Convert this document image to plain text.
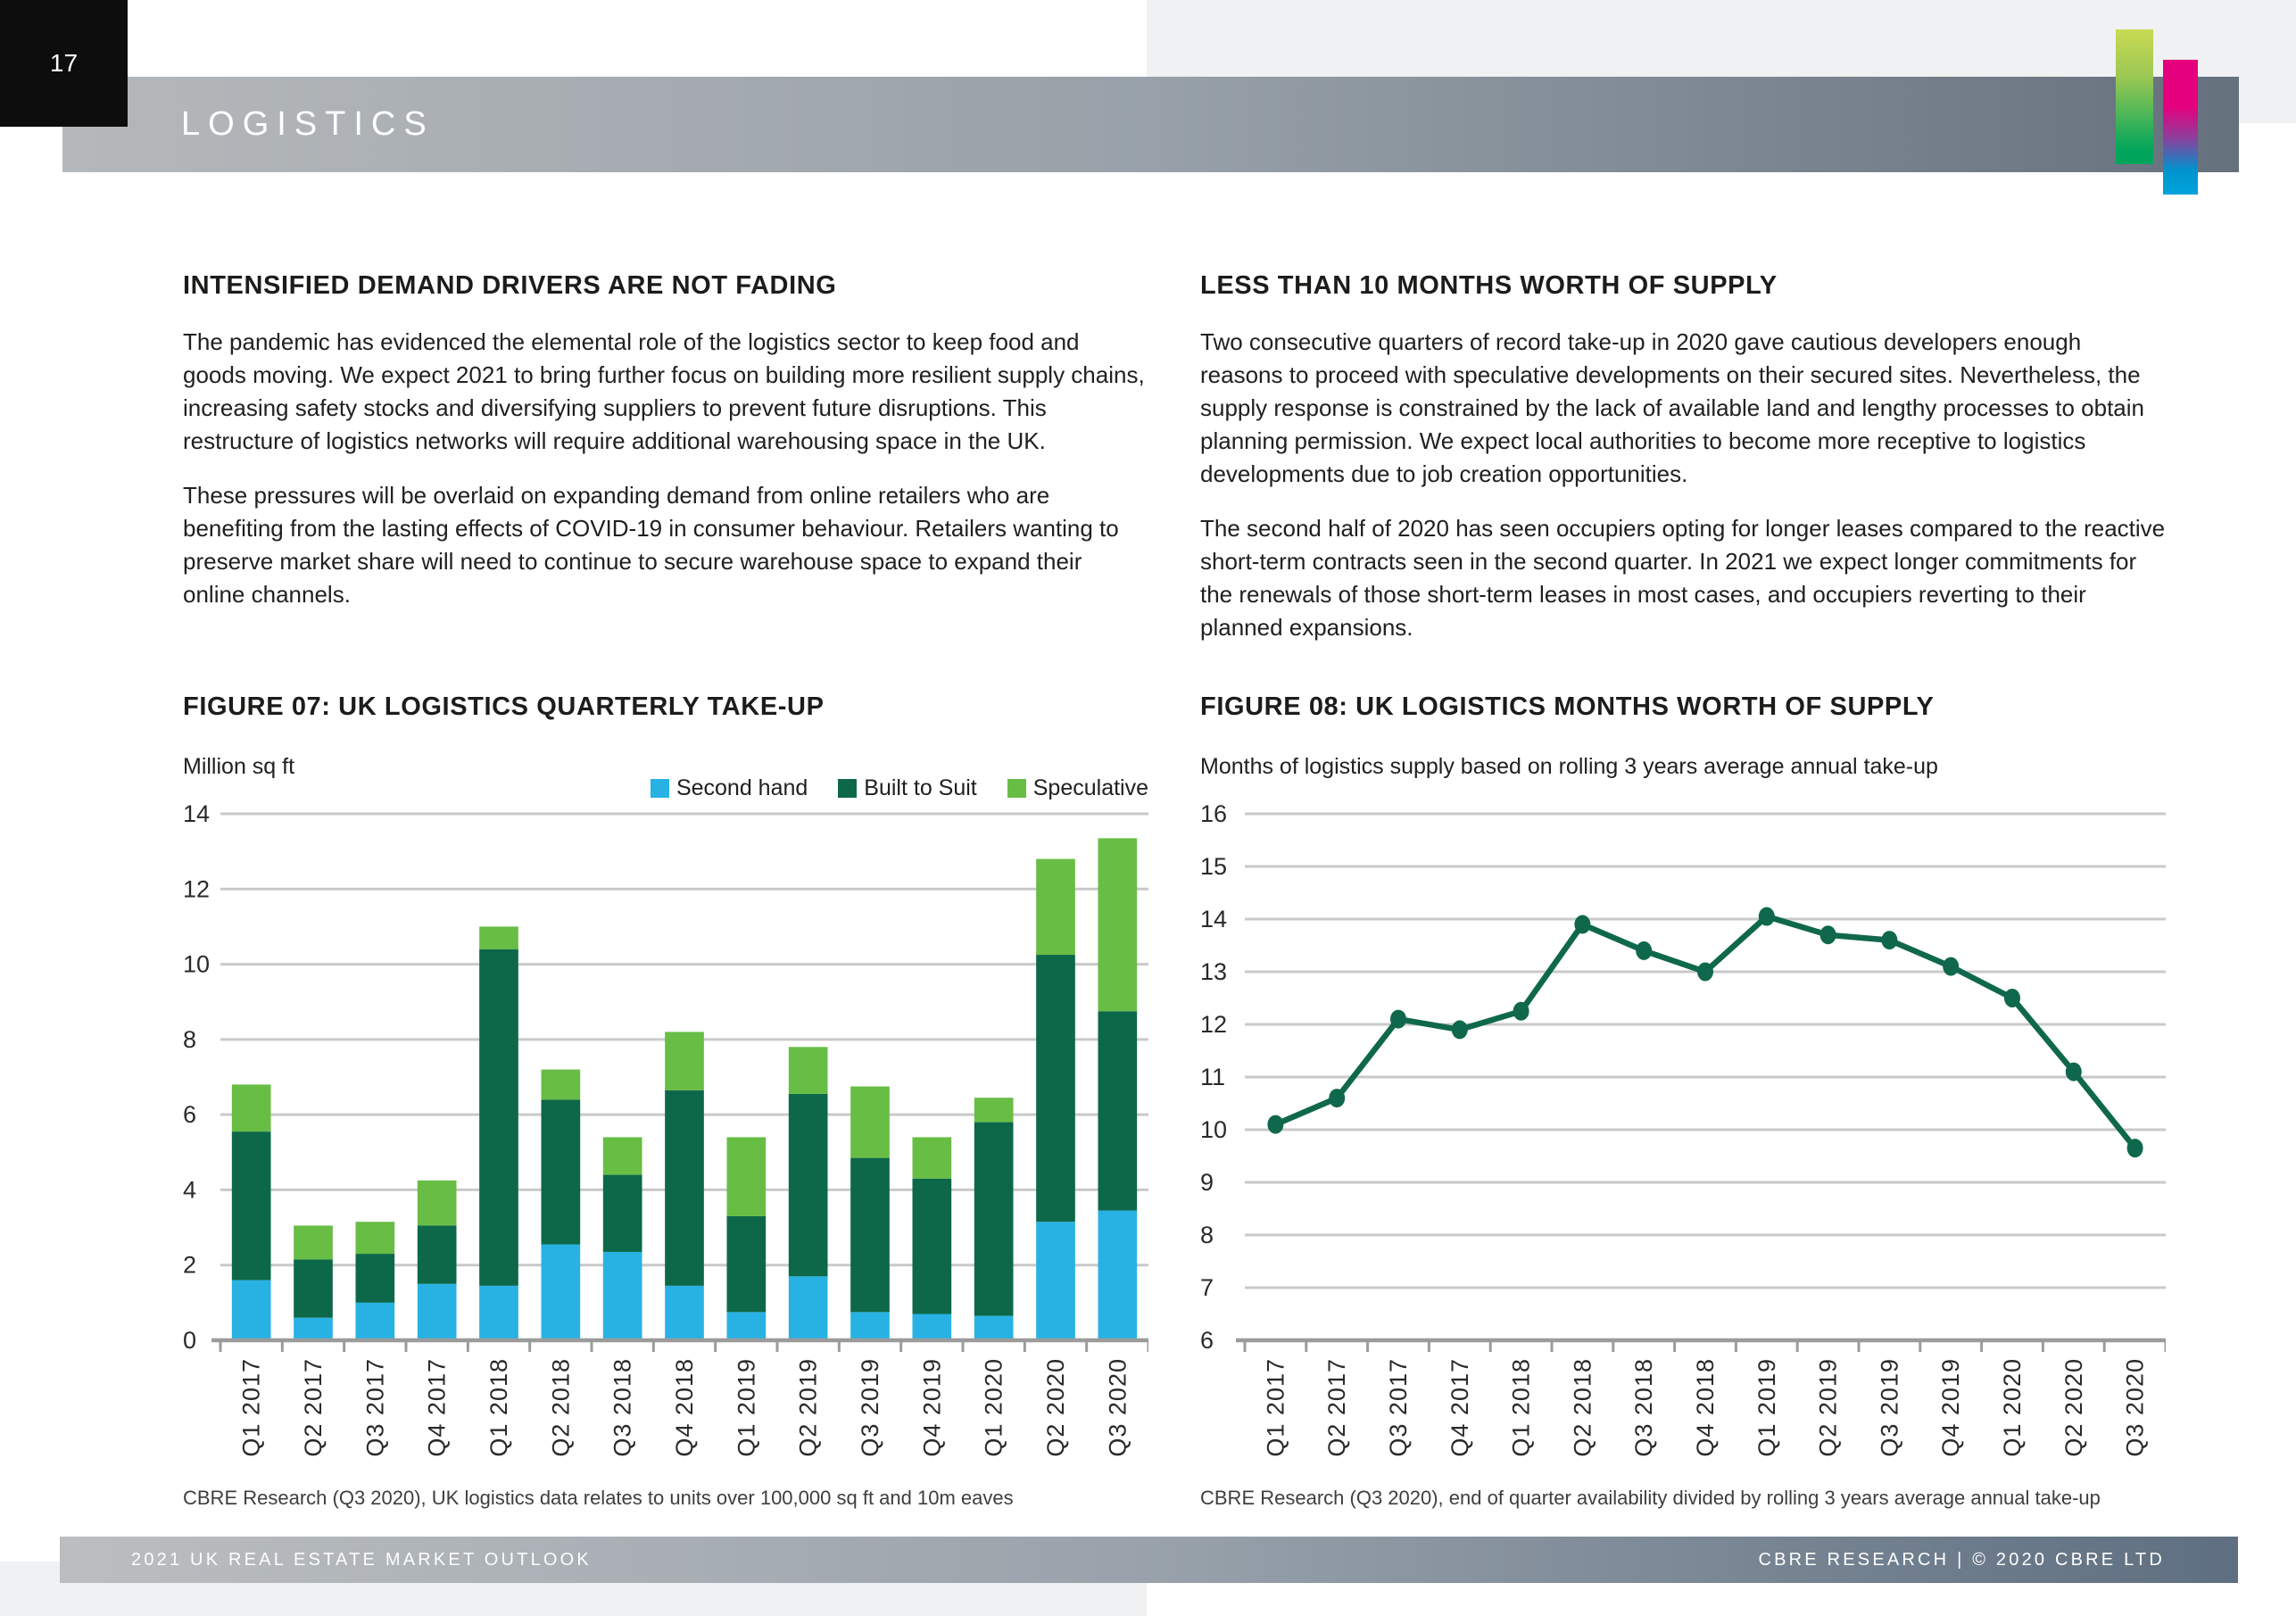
LOGISTICS
17
INTENSIFIED DEMAND DRIVERS ARE NOT FADING

The pandemic has evidenced the elemental role of the logistics sector to keep food and goods moving. We expect 2021 to bring further focus on building more resilient supply chains, increasing safety stocks and diversifying suppliers to prevent future disruptions. This restructure of logistics networks will require additional warehousing space in the UK.

These pressures will be overlaid on expanding demand from online retailers who are benefiting from the lasting effects of COVID-19 in consumer behaviour. Retailers wanting to preserve market share will need to continue to secure warehouse space to expand their online channels.

LESS THAN 10 MONTHS WORTH OF SUPPLY

Two consecutive quarters of record take-up in 2020 gave cautious developers enough reasons to proceed with speculative developments on their secured sites. Nevertheless, the supply response is constrained by the lack of available land and lengthy processes to obtain planning permission. We expect local authorities to become more receptive to logistics developments due to job creation opportunities.

The second half of 2020 has seen occupiers opting for longer leases compared to the reactive short-term contracts seen in the second quarter. In 2021 we expect longer commitments for the renewals of those short-term leases in most cases, and occupiers reverting to their planned expansions.

FIGURE 07: UK LOGISTICS QUARTERLY TAKE-UP
Million sq ft
Second hand	Built to Suit	Speculative
0
2
4
6
8
10
12
14
Q1 2017 Q2 2017 Q3 2017 Q4 2017 Q1 2018 Q2 2018 Q3 2018 Q4 2018 Q1 2019 Q2 2019 Q3 2019 Q4 2019 Q1 2020 Q2 2020 Q3 2020
FIGURE 08: UK LOGISTICS MONTHS WORTH OF SUPPLY
Months of logistics supply based on rolling 3 years average annual take-up
6
7
8
9
10
11
12
13
14
15
16
Q1 2017 Q2 2017 Q3 2017 Q4 2017 Q1 2018 Q2 2018 Q3 2018 Q4 2018 Q1 2019 Q2 2019 Q3 2019 Q4 2019 Q1 2020 Q2 2020 Q3 2020
CBRE Research (Q3 2020), UK logistics data relates to units over 100,000 sq ft and 10m eaves	CBRE Research (Q3 2020), end of quarter availability divided by rolling 3 years average annual take-up
2021 UK REAL ESTATE MARKET OUTLOOK	CBRE RESEARCH | © 2020 CBRE LTD
